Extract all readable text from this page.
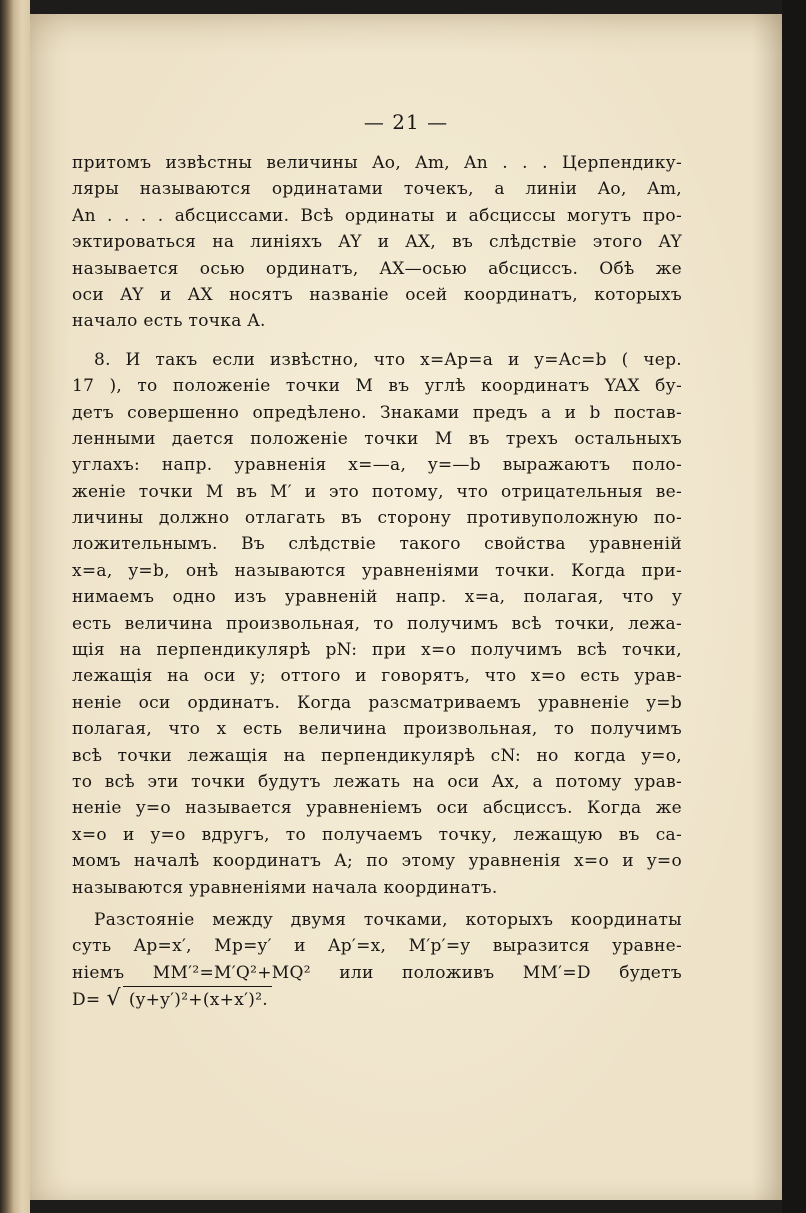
— 21 —
притомъ извѣстны величины Ao, Am, An . . . Церпендику-
ляры называются ординатами точекъ, а линіи Ao, Am,
An . . . . абсциссами. Всѣ ординаты и абсциссы могутъ про-
эктироваться на линіяхъ AY и AX, въ слѣдствіе этого AY
называется осью ординатъ, AX—осью абсциссъ. Обѣ же
оси AY и AX носятъ названіе осей координатъ, которыхъ
начало есть точка A.
8. И такъ если извѣстно, что x=Ap=a и y=Ac=b ( чер.
17 ), то положеніе точки M въ углѣ координатъ YAX бу-
детъ совершенно опредѣлено. Знаками предъ a и b постав-
ленными дается положеніе точки M въ трехъ остальныхъ
углахъ: напр. уравненія x=—a, y=—b выражаютъ поло-
женіе точки M въ M′ и это потому, что отрицательныя ве-
личины должно отлагать въ сторону противуположную по-
ложительнымъ. Въ слѣдствіе такого свойства уравненій
x=a, y=b, онѣ называются уравненіями точки. Когда при-
нимаемъ одно изъ уравненій напр. x=a, полагая, что y
есть величина произвольная, то получимъ всѣ точки, лежа-
щія на перпендикулярѣ pN: при x=o получимъ всѣ точки,
лежащія на оси y; оттого и говорятъ, что x=o есть урав-
неніе оси ординатъ. Когда разсматриваемъ уравненіе y=b
полагая, что x есть величина произвольная, то получимъ
всѣ точки лежащія на перпендикулярѣ cN: но когда y=o,
то всѣ эти точки будутъ лежать на оси Ax, а потому урав-
неніе y=o называется уравненіемъ оси абсциссъ. Когда же
x=o и y=o вдругъ, то получаемъ точку, лежащую въ са-
момъ началѣ координатъ A; по этому уравненія x=o и y=o
называются уравненіями начала координатъ.
Разстояніе между двумя точками, которыхъ координаты
суть Ap=x′, Mp=y′ и Ap′=x, M′p′=y выразится уравне-
ніемъ MM′²=M′Q²+MQ² или положивъ MM′=D будетъ
D= √ (y+y′)²+(x+x′)².
